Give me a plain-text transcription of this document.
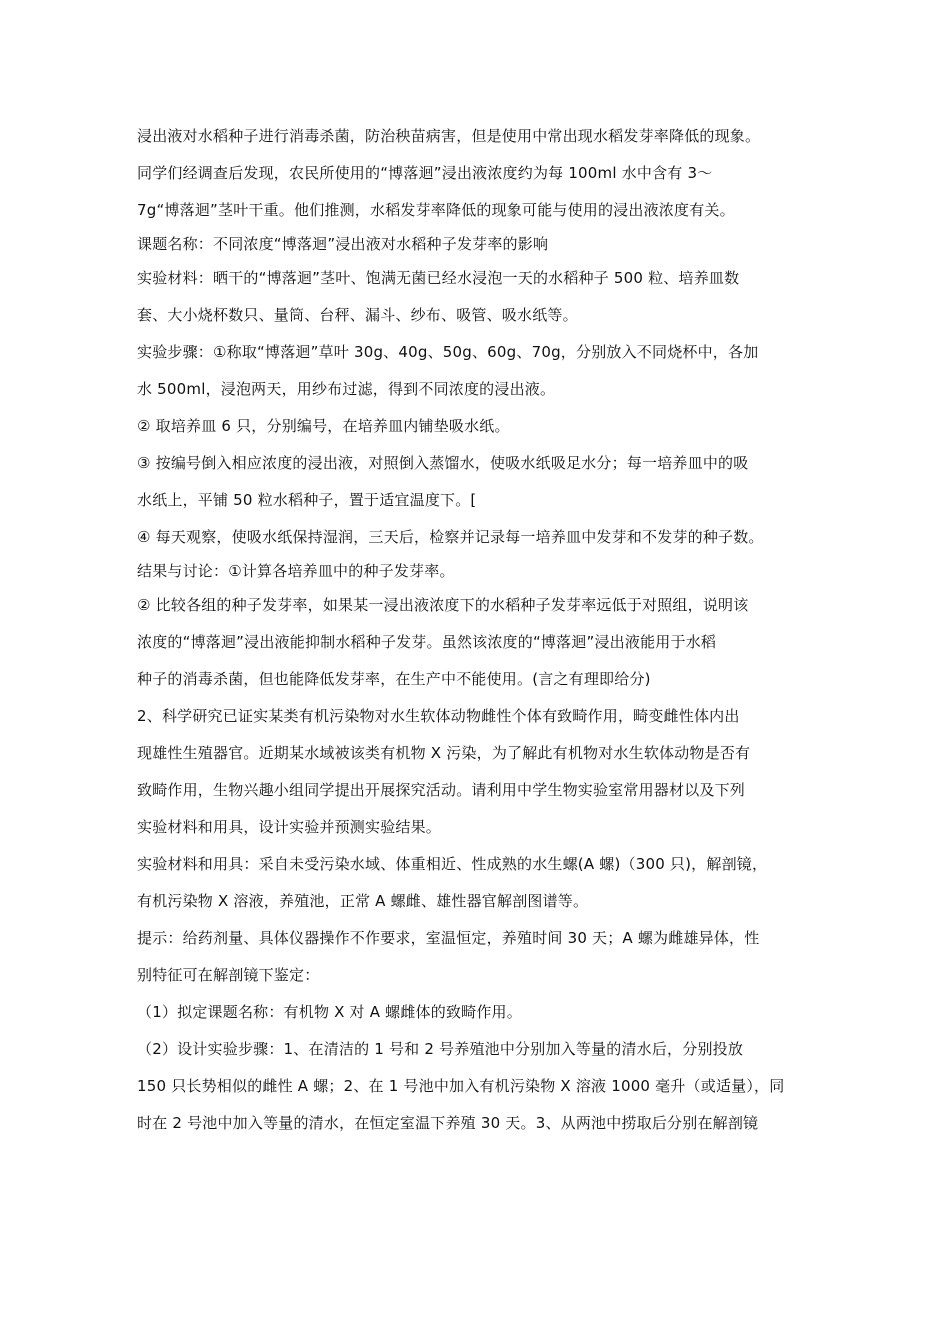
浸出液对水稻种子进行消毒杀菌，防治秧苗病害，但是使用中常出现水稻发芽率降低的现象。
同学们经调查后发现，农民所使用的“博落迴”浸出液浓度约为每 100ml 水中含有 3～
7g“博落迴”茎叶干重。他们推测，水稻发芽率降低的现象可能与使用的浸出液浓度有关。
课题名称：不同浓度“博落迴”浸出液对水稻种子发芽率的影响
实验材料：晒干的“博落迴”茎叶、饱满无菌已经水浸泡一天的水稻种子 500 粒、培养皿数
套、大小烧杯数只、量筒、台秤、漏斗、纱布、吸管、吸水纸等。
实验步骤：①称取“博落迴”草叶 30g、40g、50g、60g、70g，分别放入不同烧杯中，各加
水 500ml，浸泡两天，用纱布过滤，得到不同浓度的浸出液。
② 取培养皿 6 只，分别编号，在培养皿内铺垫吸水纸。
③ 按编号倒入相应浓度的浸出液，对照倒入蒸馏水，使吸水纸吸足水分；每一培养皿中的吸
水纸上，平铺 50 粒水稻种子，置于适宜温度下。[
④ 每天观察，使吸水纸保持湿润，三天后，检察并记录每一培养皿中发芽和不发芽的种子数。
结果与讨论：①计算各培养皿中的种子发芽率。
② 比较各组的种子发芽率，如果某一浸出液浓度下的水稻种子发芽率远低于对照组，说明该
浓度的“博落迴”浸出液能抑制水稻种子发芽。虽然该浓度的“博落迴”浸出液能用于水稻
种子的消毒杀菌，但也能降低发芽率，在生产中不能使用。(言之有理即给分)
2、科学研究已证实某类有机污染物对水生软体动物雌性个体有致畸作用，畸变雌性体内出
现雄性生殖器官。近期某水域被该类有机物 X 污染，为了解此有机物对水生软体动物是否有
致畸作用，生物兴趣小组同学提出开展探究活动。请利用中学生物实验室常用器材以及下列
实验材料和用具，设计实验并预测实验结果。
实验材料和用具：采自未受污染水域、体重相近、性成熟的水生螺(A 螺)（300 只)，解剖镜，
有机污染物 X 溶液，养殖池，正常 A 螺雌、雄性器官解剖图谱等。
提示：给药剂量、具体仪器操作不作要求，室温恒定，养殖时间 30 天；A 螺为雌雄异体，性
别特征可在解剖镜下鉴定：
（1）拟定课题名称：有机物 X 对 A 螺雌体的致畸作用。
（2）设计实验步骤：1、在清洁的 1 号和 2 号养殖池中分别加入等量的清水后，分别投放
150 只长势相似的雌性 A 螺；2、在 1 号池中加入有机污染物 X 溶液 1000 毫升（或适量），同
时在 2 号池中加入等量的清水，在恒定室温下养殖 30 天。3、从两池中捞取后分别在解剖镜
